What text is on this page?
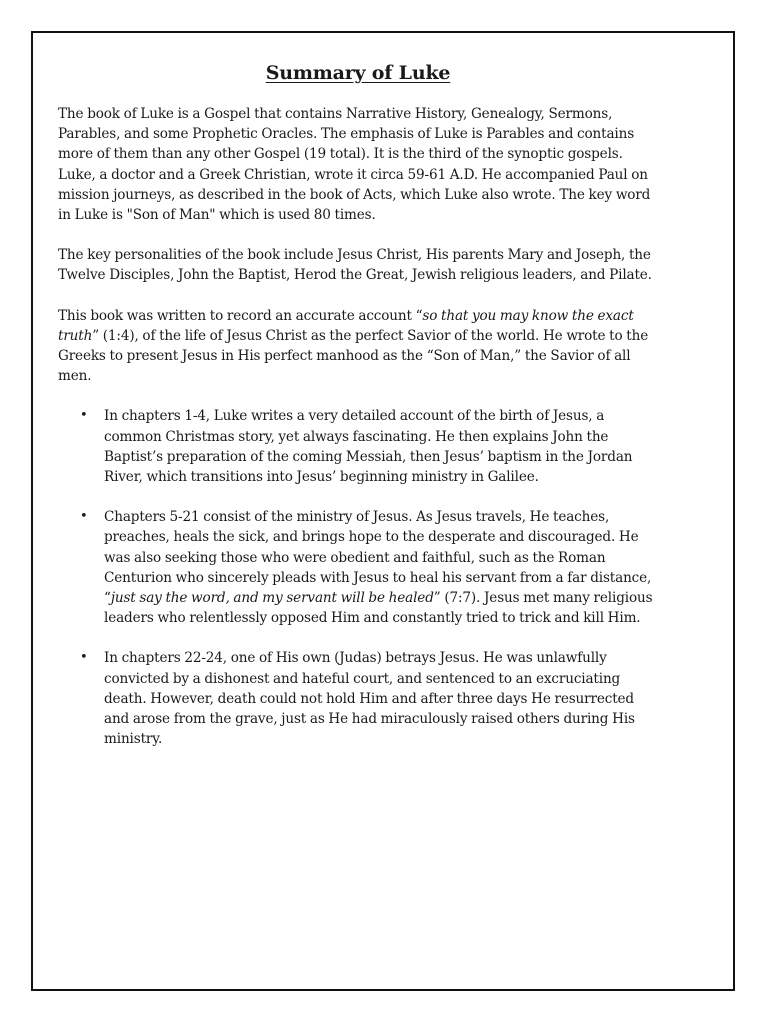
Summary of Luke

The book of Luke is a Gospel that contains Narrative History, Genealogy, Sermons, Parables, and some Prophetic Oracles. The emphasis of Luke is Parables and contains more of them than any other Gospel (19 total). It is the third of the synoptic gospels. Luke, a doctor and a Greek Christian, wrote it circa 59-61 A.D. He accompanied Paul on mission journeys, as described in the book of Acts, which Luke also wrote. The key word in Luke is "Son of Man" which is used 80 times.

The key personalities of the book include Jesus Christ, His parents Mary and Joseph, the Twelve Disciples, John the Baptist, Herod the Great, Jewish religious leaders, and Pilate.

This book was written to record an accurate account “so that you may know the exact truth” (1:4), of the life of Jesus Christ as the perfect Savior of the world. He wrote to the Greeks to present Jesus in His perfect manhood as the “Son of Man,” the Savior of all men.

• In chapters 1-4, Luke writes a very detailed account of the birth of Jesus, a common Christmas story, yet always fascinating. He then explains John the Baptist’s preparation of the coming Messiah, then Jesus’ baptism in the Jordan River, which transitions into Jesus’ beginning ministry in Galilee.
• Chapters 5-21 consist of the ministry of Jesus. As Jesus travels, He teaches, preaches, heals the sick, and brings hope to the desperate and discouraged. He was also seeking those who were obedient and faithful, such as the Roman Centurion who sincerely pleads with Jesus to heal his servant from a far distance, “just say the word, and my servant will be healed” (7:7). Jesus met many religious leaders who relentlessly opposed Him and constantly tried to trick and kill Him.
• In chapters 22-24, one of His own (Judas) betrays Jesus. He was unlawfully convicted by a dishonest and hateful court, and sentenced to an excruciating death. However, death could not hold Him and after three days He resurrected and arose from the grave, just as He had miraculously raised others during His ministry.
